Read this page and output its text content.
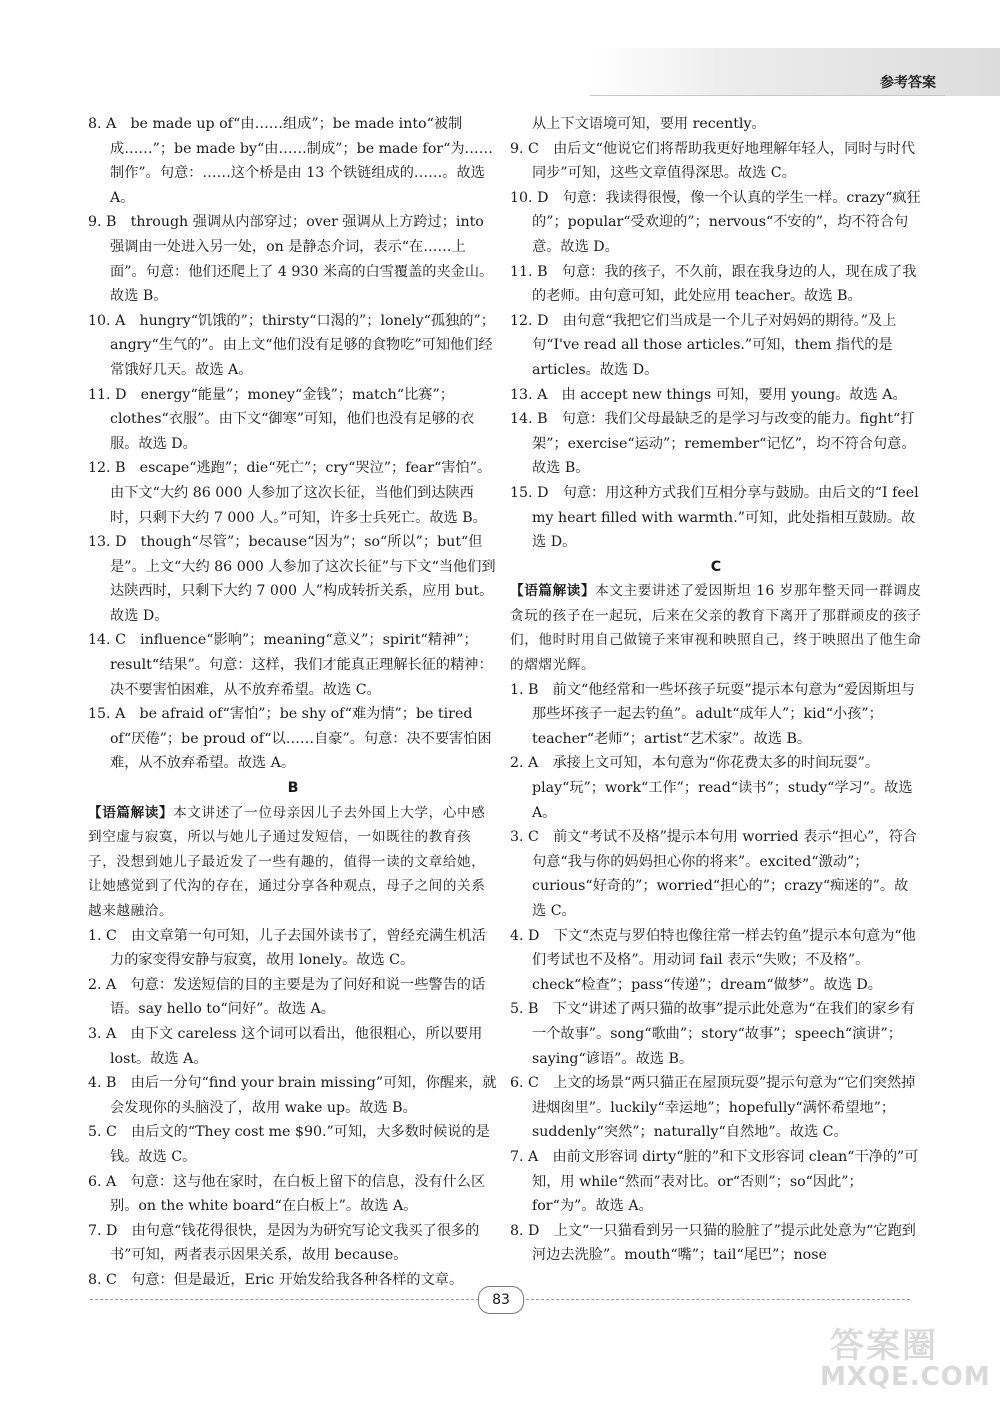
参考答案

8. A　be made up of“由……组成”；be made into“被制成……”；be made by“由……制成”；be made for“为……制作”。句意：……这个桥是由 13 个铁链组成的……。故选 A。

9. B　through 强调从内部穿过；over 强调从上方跨过；into 强调由一处进入另一处，on 是静态介词，表示“在……上面”。句意：他们还爬上了 4 930 米高的白雪覆盖的夹金山。故选 B。

10. A　hungry“饥饿的”；thirsty“口渴的”；lonely“孤独的”；angry“生气的”。由上文“他们没有足够的食物吃”可知他们经常饿好几天。故选 A。

11. D　energy“能量”；money“金钱”；match“比赛”；clothes“衣服”。由下文“御寒”可知，他们也没有足够的衣服。故选 D。

12. B　escape“逃跑”；die“死亡”；cry“哭泣”；fear“害怕”。由下文“大约 86 000 人参加了这次长征，当他们到达陕西时，只剩下大约 7 000 人。”可知，许多士兵死亡。故选 B。

13. D　though“尽管”；because“因为”；so“所以”；but“但是”。上文“大约 86 000 人参加了这次长征”与下文“当他们到达陕西时，只剩下大约 7 000 人”构成转折关系，应用 but。故选 D。

14. C　influence“影响”；meaning“意义”；spirit“精神”；result“结果”。句意：这样，我们才能真正理解长征的精神：决不要害怕困难，从不放弃希望。故选 C。

15. A　be afraid of“害怕”；be shy of“难为情”；be tired of“厌倦”；be proud of“以……自豪”。句意：决不要害怕困难，从不放弃希望。故选 A。

B

【语篇解读】本文讲述了一位母亲因儿子去外国上大学，心中感到空虚与寂寞，所以与她儿子通过发短信，一如既往的教育孩子，没想到她儿子最近发了一些有趣的，值得一读的文章给她，让她感觉到了代沟的存在，通过分享各种观点，母子之间的关系越来越融洽。

1. C　由文章第一句可知，儿子去国外读书了，曾经充满生机活力的家变得安静与寂寞，故用 lonely。故选 C。

2. A　句意：发送短信的目的主要是为了问好和说一些警告的话语。say hello to“问好”。故选 A。

3. A　由下文 careless 这个词可以看出，他很粗心，所以要用 lost。故选 A。

4. B　由后一分句“find your brain missing”可知，你醒来，就会发现你的头脑没了，故用 wake up。故选 B。

5. C　由后文的“They cost me $90.”可知，大多数时候说的是钱。故选 C。

6. A　句意：这与他在家时，在白板上留下的信息，没有什么区别。on the white board“在白板上”。故选 A。

7. D　由句意“钱花得很快，是因为为研究写论文我买了很多的书”可知，两者表示因果关系，故用 because。

8. C　句意：但是最近，Eric 开始发给我各种各样的文章。

从上下文语境可知，要用 recently。

9. C　由后文“他说它们将帮助我更好地理解年轻人，同时与时代同步”可知，这些文章值得深思。故选 C。

10. D　句意：我读得很慢，像一个认真的学生一样。crazy“疯狂的”；popular“受欢迎的”；nervous“不安的”，均不符合句意。故选 D。

11. B　句意：我的孩子，不久前，跟在我身边的人，现在成了我的老师。由句意可知，此处应用 teacher。故选 B。

12. D　由句意“我把它们当成是一个儿子对妈妈的期待。”及上句“I've read all those articles.”可知，them 指代的是 articles。故选 D。

13. A　由 accept new things 可知，要用 young。故选 A。

14. B　句意：我们父母最缺乏的是学习与改变的能力。fight“打架”；exercise“运动”；remember“记忆”，均不符合句意。故选 B。

15. D　句意：用这种方式我们互相分享与鼓励。由后文的“I feel my heart filled with warmth.”可知，此处指相互鼓励。故选 D。

C

【语篇解读】本文主要讲述了爱因斯坦 16 岁那年整天同一群调皮贪玩的孩子在一起玩，后来在父亲的教育下离开了那群顽皮的孩子们，他时时用自己做镜子来审视和映照自己，终于映照出了他生命的熠熠光辉。

1. B　前文“他经常和一些坏孩子玩耍”提示本句意为“爱因斯坦与那些坏孩子一起去钓鱼”。adult“成年人”；kid“小孩”；teacher“老师”；artist“艺术家”。故选 B。

2. A　承接上文可知，本句意为“你花费太多的时间玩耍”。play“玩”；work“工作”；read“读书”；study“学习”。故选 A。

3. C　前文“考试不及格”提示本句用 worried 表示“担心”，符合句意“我与你的妈妈担心你的将来”。excited“激动”；curious“好奇的”；worried“担心的”；crazy“痴迷的”。故选 C。

4. D　下文“杰克与罗伯特也像往常一样去钓鱼”提示本句意为“他们考试也不及格”。用动词 fail 表示“失败；不及格”。check“检查”；pass“传递”；dream“做梦”。故选 D。

5. B　下文“讲述了两只猫的故事”提示此处意为“在我们的家乡有一个故事”。song“歌曲”；story“故事”；speech“演讲”；saying“谚语”。故选 B。

6. C　上文的场景“两只猫正在屋顶玩耍”提示句意为“它们突然掉进烟囱里”。luckily“幸运地”；hopefully“满怀希望地”；suddenly“突然”；naturally“自然地”。故选 C。

7. A　由前文形容词 dirty“脏的”和下文形容词 clean“干净的”可知，用 while“然而”表对比。or“否则”；so“因此”；for“为”。故选 A。

8. D　上文“一只猫看到另一只猫的脸脏了”提示此处意为“它跑到河边去洗脸”。mouth“嘴”；tail“尾巴”；nose

83
答案圈
MXQE.COM
